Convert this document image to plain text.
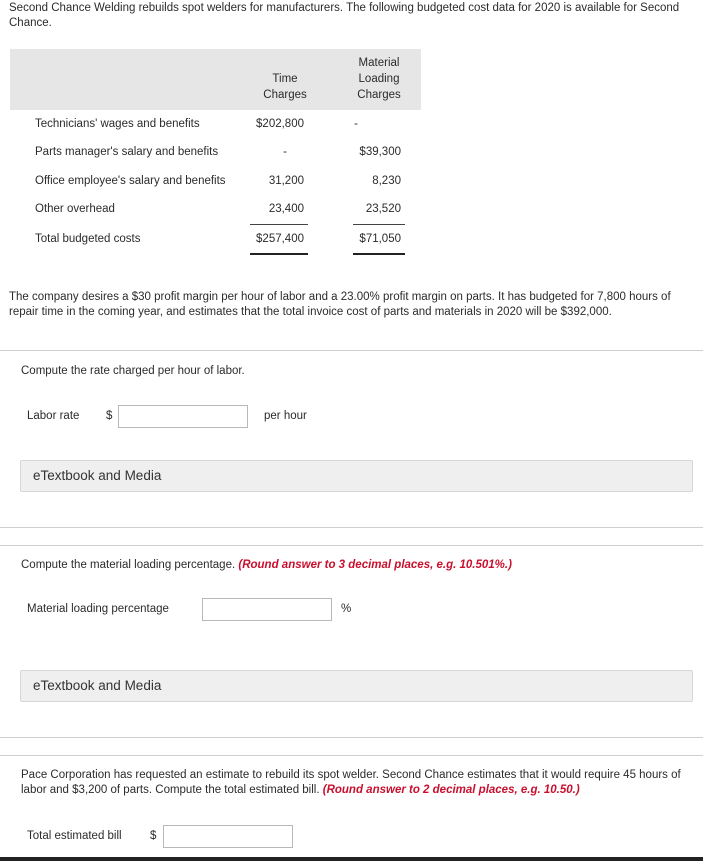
Second Chance Welding rebuilds spot welders for manufacturers. The following budgeted cost data for 2020 is available for Second Chance.
Time
Charges
Material
Loading
Charges
Technicians' wages and benefits	$202,800	-
Parts manager's salary and benefits	-	$39,300
Office employee's salary and benefits	31,200	8,230
Other overhead	23,400	23,520
Total budgeted costs	$257,400	$71,050
The company desires a $30 profit margin per hour of labor and a 23.00% profit margin on parts. It has budgeted for 7,800 hours of repair time in the coming year, and estimates that the total invoice cost of parts and materials in 2020 will be $392,000.
Compute the rate charged per hour of labor.
Labor rate $	per hour
eTextbook and Media
Compute the material loading percentage. (Round answer to 3 decimal places, e.g. 10.501%.)
Material loading percentage	%
eTextbook and Media
Pace Corporation has requested an estimate to rebuild its spot welder. Second Chance estimates that it would require 45 hours of labor and $3,200 of parts. Compute the total estimated bill. (Round answer to 2 decimal places, e.g. 10.50.)
Total estimated bill $
